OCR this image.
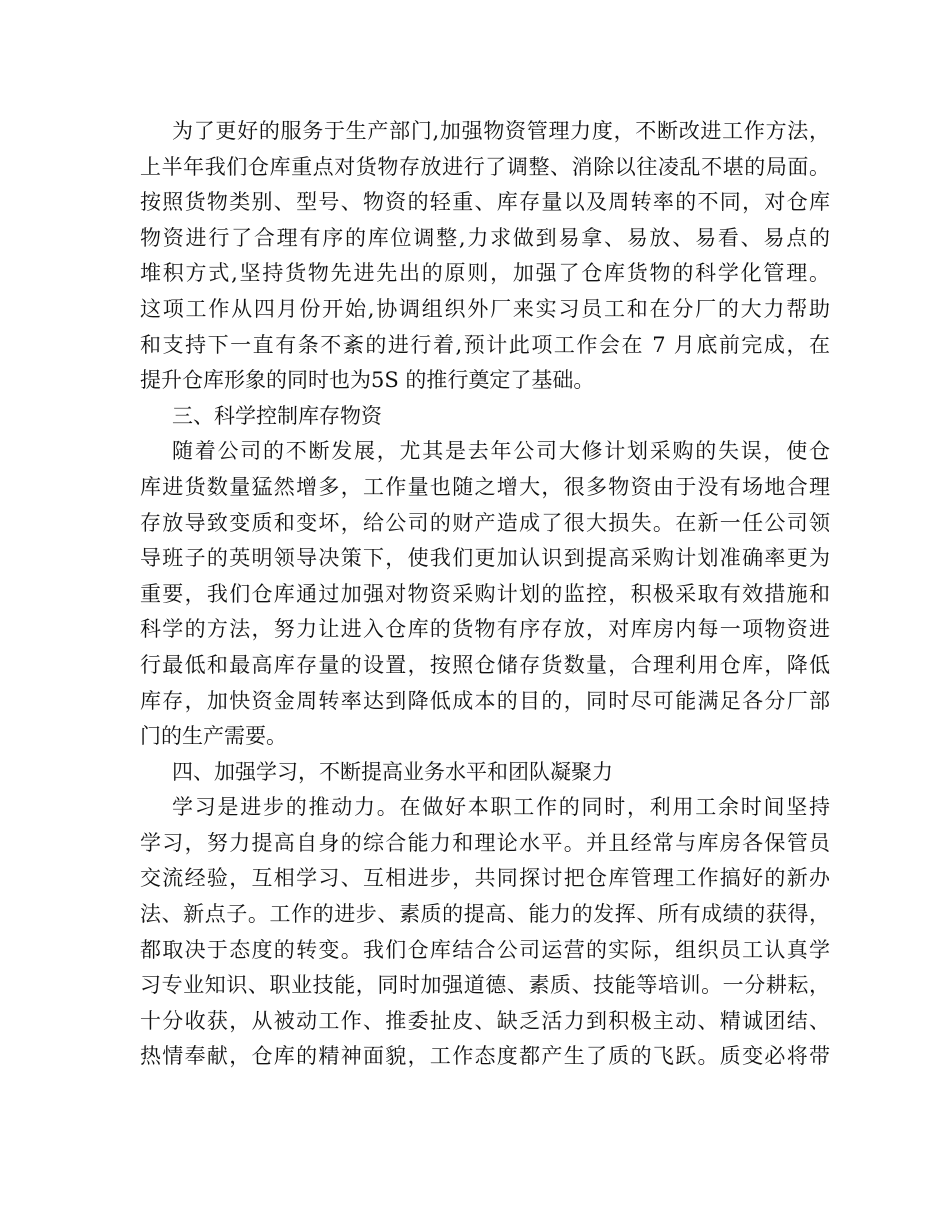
为了更好的服务于生产部门,加强物资管理力度，不断改进工作方法，
上半年我们仓库重点对货物存放进行了调整、消除以往凌乱不堪的局面。
按照货物类别、型号、物资的轻重、库存量以及周转率的不同，对仓库
物资进行了合理有序的库位调整,力求做到易拿、易放、易看、易点的
堆积方式,坚持货物先进先出的原则，加强了仓库货物的科学化管理。
这项工作从四月份开始,协调组织外厂来实习员工和在分厂的大力帮助
和支持下一直有条不紊的进行着,预计此项工作会在 7 月底前完成，在
提升仓库形象的同时也为5S 的推行奠定了基础。
三、科学控制库存物资
随着公司的不断发展，尤其是去年公司大修计划采购的失误，使仓
库进货数量猛然增多，工作量也随之增大，很多物资由于没有场地合理
存放导致变质和变坏，给公司的财产造成了很大损失。在新一任公司领
导班子的英明领导决策下，使我们更加认识到提高采购计划准确率更为
重要，我们仓库通过加强对物资采购计划的监控，积极采取有效措施和
科学的方法，努力让进入仓库的货物有序存放，对库房内每一项物资进
行最低和最高库存量的设置，按照仓储存货数量，合理利用仓库，降低
库存，加快资金周转率达到降低成本的目的，同时尽可能满足各分厂部
门的生产需要。
四、加强学习，不断提高业务水平和团队凝聚力
学习是进步的推动力。在做好本职工作的同时，利用工余时间坚持
学习，努力提高自身的综合能力和理论水平。并且经常与库房各保管员
交流经验，互相学习、互相进步，共同探讨把仓库管理工作搞好的新办
法、新点子。工作的进步、素质的提高、能力的发挥、所有成绩的获得，
都取决于态度的转变。我们仓库结合公司运营的实际，组织员工认真学
习专业知识、职业技能，同时加强道德、素质、技能等培训。一分耕耘，
十分收获，从被动工作、推委扯皮、缺乏活力到积极主动、精诚团结、
热情奉献，仓库的精神面貌，工作态度都产生了质的飞跃。质变必将带
